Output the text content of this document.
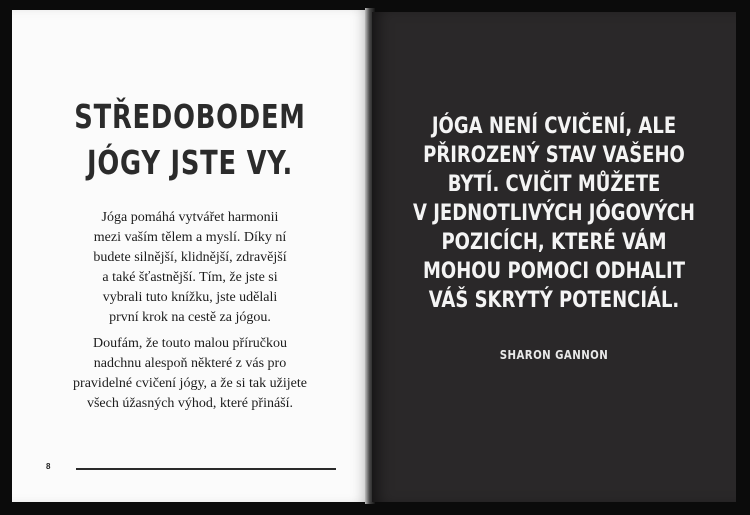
STŘEDOBODEM
JÓGY JSTE VY.
Jóga pomáhá vytvářet harmonii
mezi vaším tělem a myslí. Díky ní
budete silnější, klidnější, zdravější
a také šťastnější. Tím, že jste si
vybrali tuto knížku, jste udělali
první krok na cestě za jógou.
Doufám, že touto malou příručkou
nadchnu alespoň některé z vás pro
pravidelné cvičení jógy, a že si tak užijete
všech úžasných výhod, které přináší.
8
JÓGA NENÍ CVIČENÍ, ALE
PŘIROZENÝ STAV VAŠEHO
BYTÍ. CVIČIT MŮŽETE
V JEDNOTLIVÝCH JÓGOVÝCH
POZICÍCH, KTERÉ VÁM
MOHOU POMOCI ODHALIT
VÁŠ SKRYTÝ POTENCIÁL.
SHARON GANNON
